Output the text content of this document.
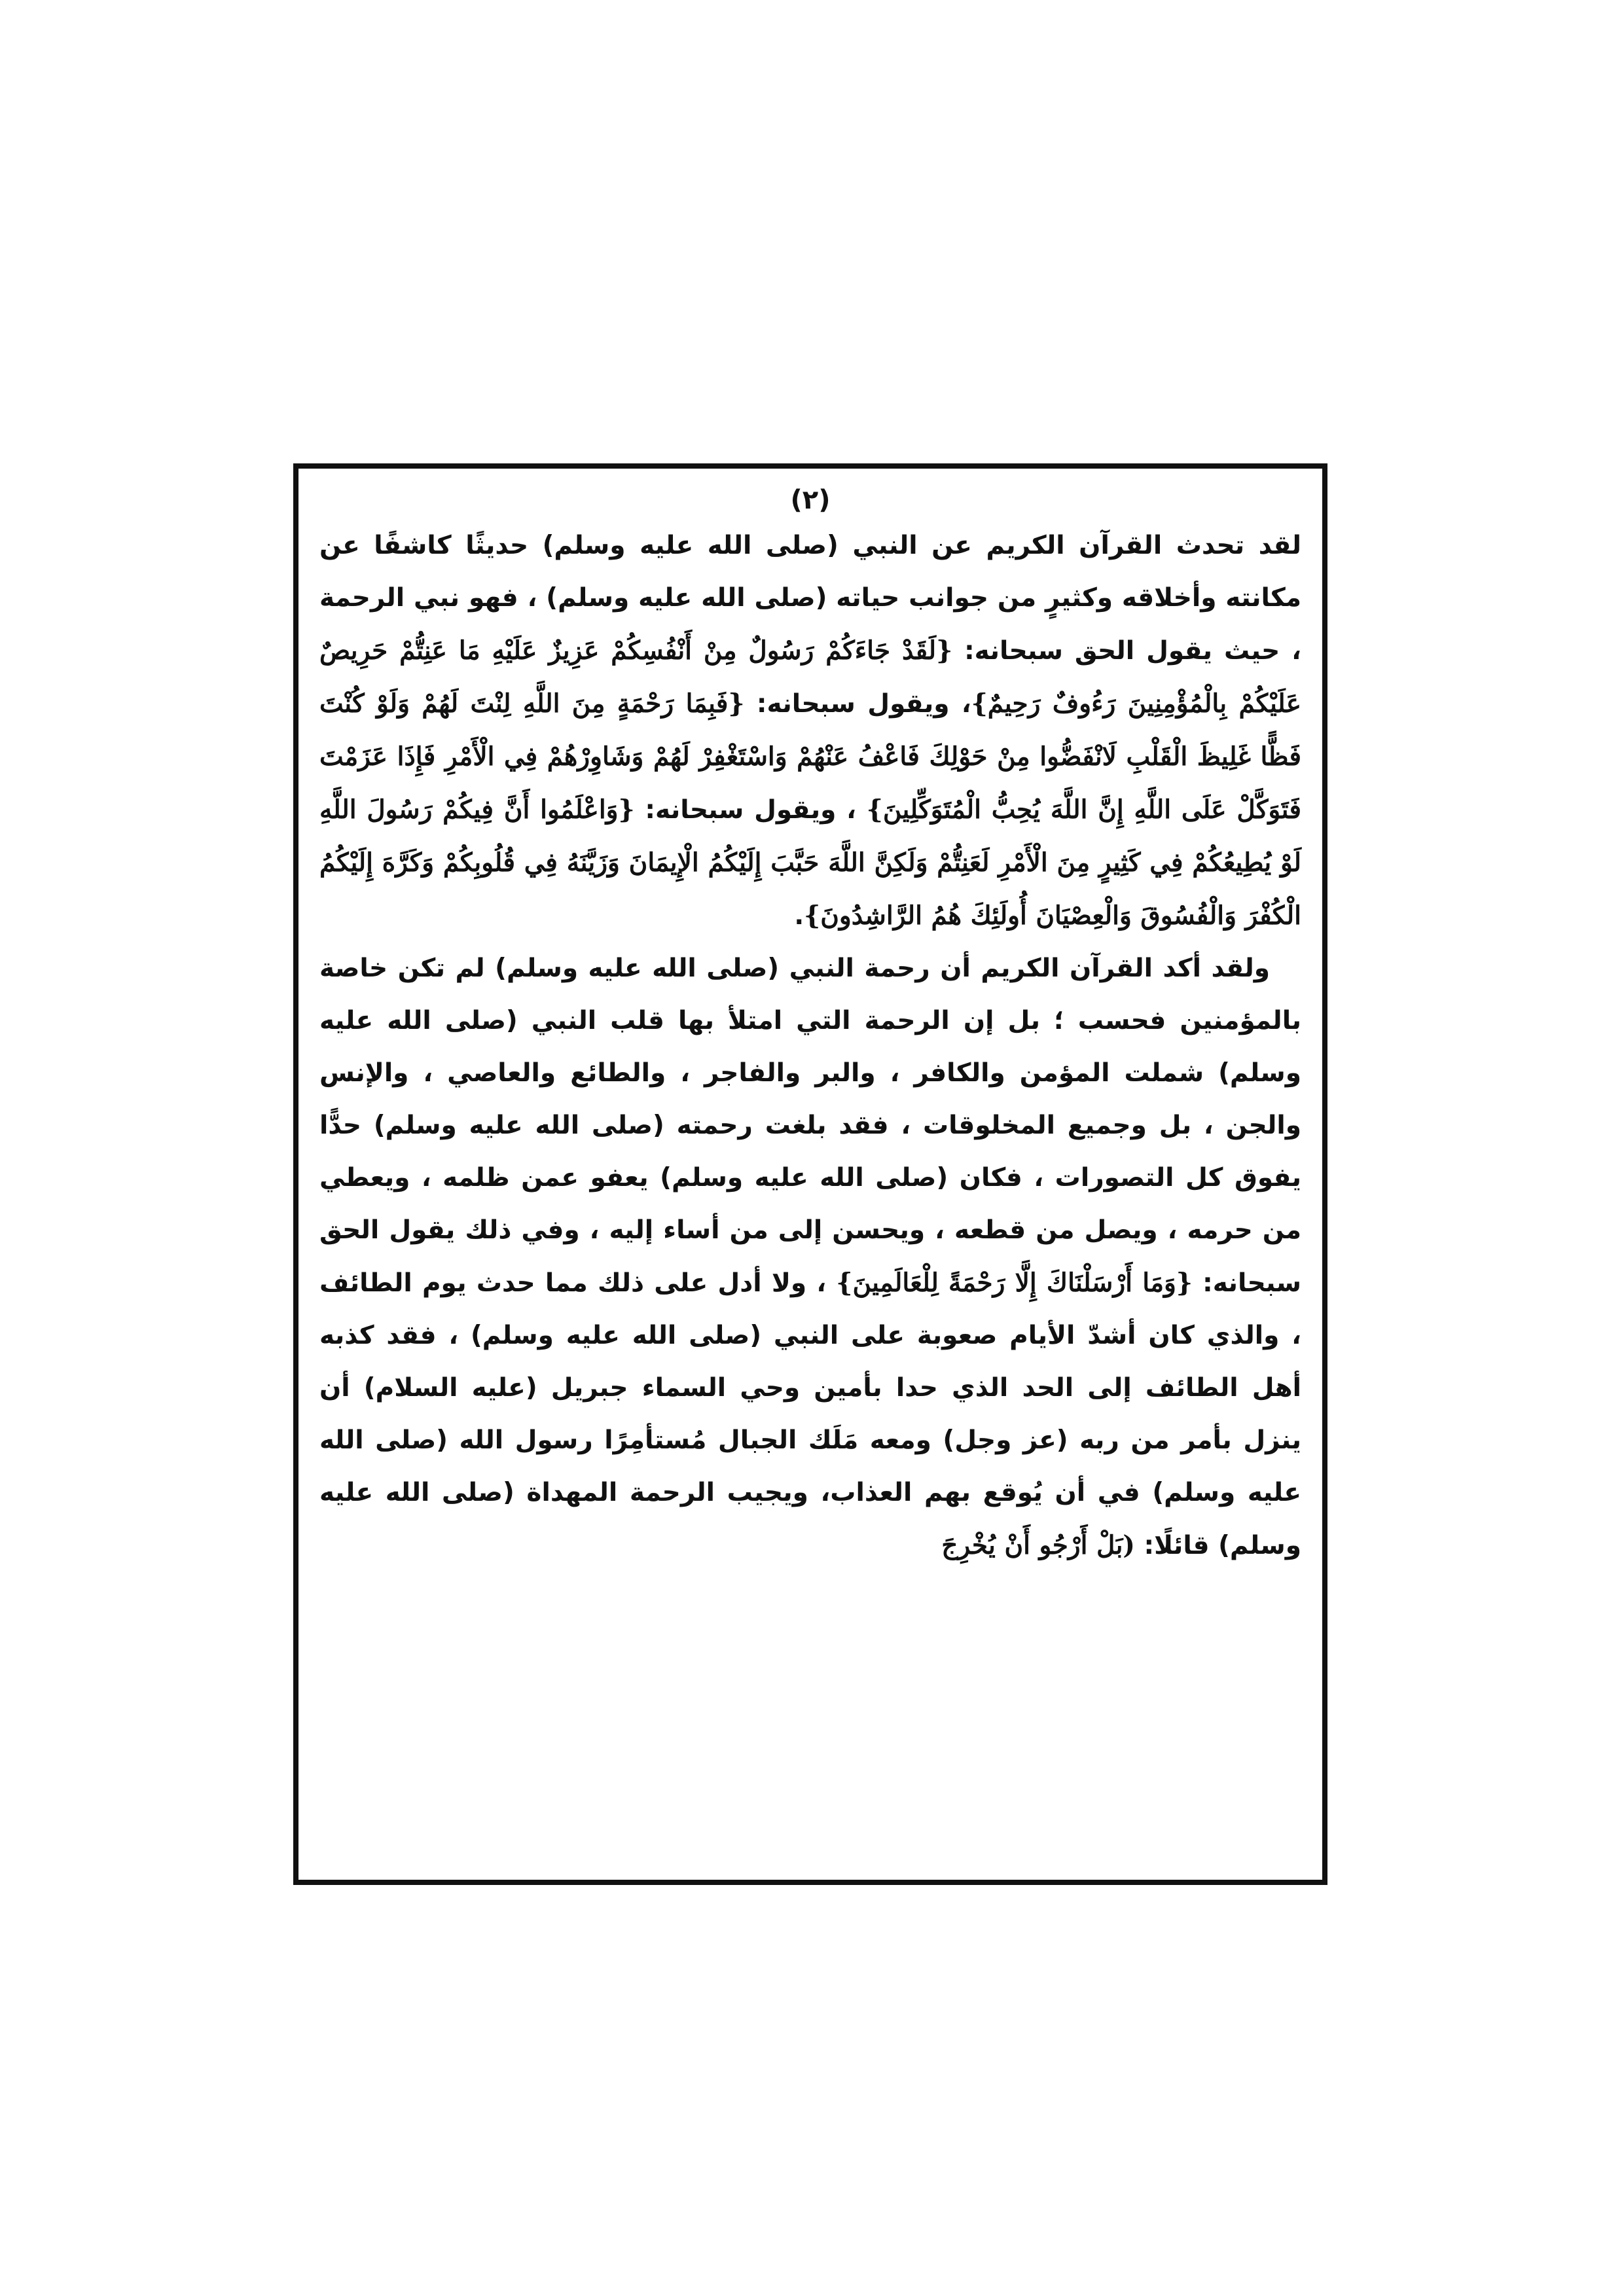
(٢)

لقد تحدث القرآن الكريم عن النبي (صلى الله عليه وسلم) حديثًا كاشفًا عن مكانته وأخلاقه وكثيرٍ من جوانب حياته (صلى الله عليه وسلم) ، فهو نبي الرحمة ، حيث يقول الحق سبحانه: {لَقَدْ جَاءَكُمْ رَسُولٌ مِنْ أَنْفُسِكُمْ عَزِيزٌ عَلَيْهِ مَا عَنِتُّمْ حَرِيصٌ عَلَيْكُمْ بِالْمُؤْمِنِينَ رَءُوفٌ رَحِيمٌ}، ويقول سبحانه: {فَبِمَا رَحْمَةٍ مِنَ اللَّهِ لِنْتَ لَهُمْ وَلَوْ كُنْتَ فَظًّا غَلِيظَ الْقَلْبِ لَانْفَضُّوا مِنْ حَوْلِكَ فَاعْفُ عَنْهُمْ وَاسْتَغْفِرْ لَهُمْ وَشَاوِرْهُمْ فِي الْأَمْرِ فَإِذَا عَزَمْتَ فَتَوَكَّلْ عَلَى اللَّهِ إِنَّ اللَّهَ يُحِبُّ الْمُتَوَكِّلِينَ} ، ويقول سبحانه: {وَاعْلَمُوا أَنَّ فِيكُمْ رَسُولَ اللَّهِ لَوْ يُطِيعُكُمْ فِي كَثِيرٍ مِنَ الْأَمْرِ لَعَنِتُّمْ وَلَكِنَّ اللَّهَ حَبَّبَ إِلَيْكُمُ الْإِيمَانَ وَزَيَّنَهُ فِي قُلُوبِكُمْ وَكَرَّهَ إِلَيْكُمُ الْكُفْرَ وَالْفُسُوقَ وَالْعِصْيَانَ أُولَئِكَ هُمُ الرَّاشِدُونَ}.

ولقد أكد القرآن الكريم أن رحمة النبي (صلى الله عليه وسلم) لم تكن خاصة بالمؤمنين فحسب ؛ بل إن الرحمة التي امتلأ بها قلب النبي (صلى الله عليه وسلم) شملت المؤمن والكافر ، والبر والفاجر ، والطائع والعاصي ، والإنس والجن ، بل وجميع المخلوقات ، فقد بلغت رحمته (صلى الله عليه وسلم) حدًّا يفوق كل التصورات ، فكان (صلى الله عليه وسلم) يعفو عمن ظلمه ، ويعطي من حرمه ، ويصل من قطعه ، ويحسن إلى من أساء إليه ، وفي ذلك يقول الحق سبحانه: {وَمَا أَرْسَلْنَاكَ إِلَّا رَحْمَةً لِلْعَالَمِينَ} ، ولا أدل على ذلك مما حدث يوم الطائف ، والذي كان أشدّ الأيام صعوبة على النبي (صلى الله عليه وسلم) ، فقد كذبه أهل الطائف إلى الحد الذي حدا بأمين وحي السماء جبريل (عليه السلام) أن ينزل بأمر من ربه (عز وجل) ومعه مَلَك الجبال مُستأمِرًا رسول الله (صلى الله عليه وسلم) في أن يُوقع بهم العذاب، ويجيب الرحمة المهداة (صلى الله عليه وسلم) قائلًا: (بَلْ أَرْجُو أَنْ يُخْرِجَ
